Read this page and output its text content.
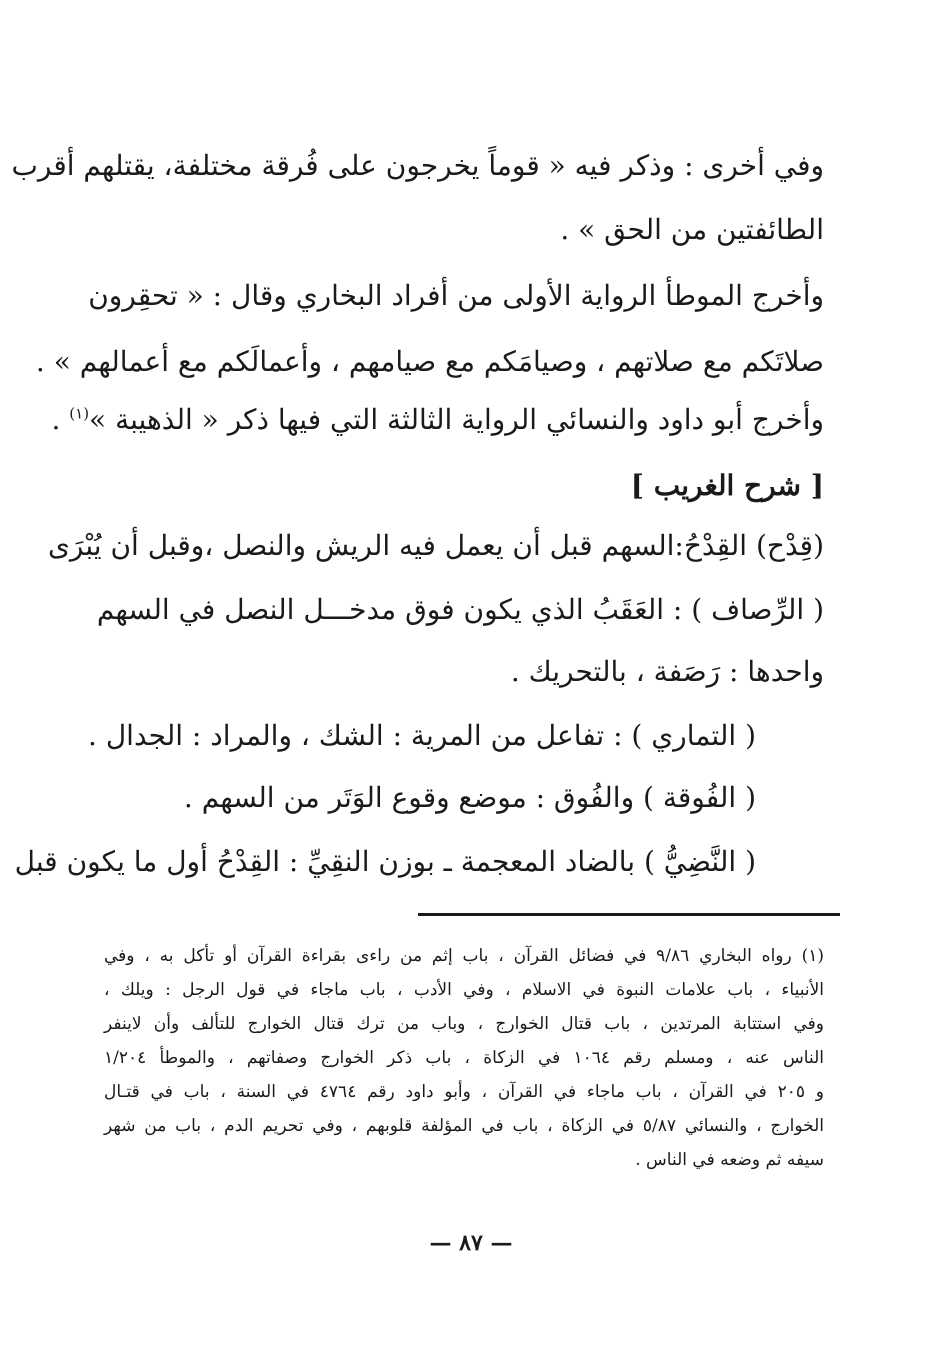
وفي أخرى : وذكر فيه « قوماً يخرجون على فُرقة مختلفة، يقتلهم أقرب
الطائفتين من الحق » .
وأخرج الموطأ الرواية الأولى من أفراد البخاري وقال : « تحقِرون
صلاتَكم مع صلاتهم ، وصيامَكم مع صيامهم ، وأعمالَكم مع أعمالهم » .
وأخرج أبو داود والنسائي الرواية الثالثة التي فيها ذكر « الذهيبة »$^{(١)}$ .
[ شرح الغريب ]
(قِدْح) القِدْحُ:السهم قبل أن يعمل فيه الريش والنصل ،وقبل أن يُبْرَى
( الرِّصاف ) : العَقَبُ الذي يكون فوق مدخـــل النصل في السهم
واحدها : رَصَفة ، بالتحريك .
( التماري ) : تفاعل من المرية : الشك ، والمراد : الجدال .
( الفُوقة ) والفُوق : موضع وقوع الوَتَر من السهم .
( النَّضِيُّ ) بالضاد المعجمة ـ بوزن النقِيِّ : القِدْحُ أول ما يكون قبل
(١) رواه البخاري ٩/٨٦ في فضائل القرآن ، باب إثم من راءى بقراءة القرآن أو تأكل به ، وفي
الأنبياء ، باب علامات النبوة في الاسلام ، وفي الأدب ، باب ماجاء في قول الرجل : ويلك ،
وفي استتابة المرتدين ، باب قتال الخوارج ، وباب من ترك قتال الخوارج للتألف وأن لاينفر
الناس عنه ، ومسلم رقم ١٠٦٤ في الزكاة ، باب ذكر الخوارج وصفاتهم ، والموطأ ١/٢٠٤
و ٢٠٥ في القرآن ، باب ماجاء في القرآن ، وأبو داود رقم ٤٧٦٤ في السنة ، باب في قتـال
الخوارج ، والنسائي ٥/٨٧ في الزكاة ، باب في المؤلفة قلوبهم ، وفي تحريم الدم ، باب من شهر
سيفه ثم وضعه في الناس .
— ٨٧ —
